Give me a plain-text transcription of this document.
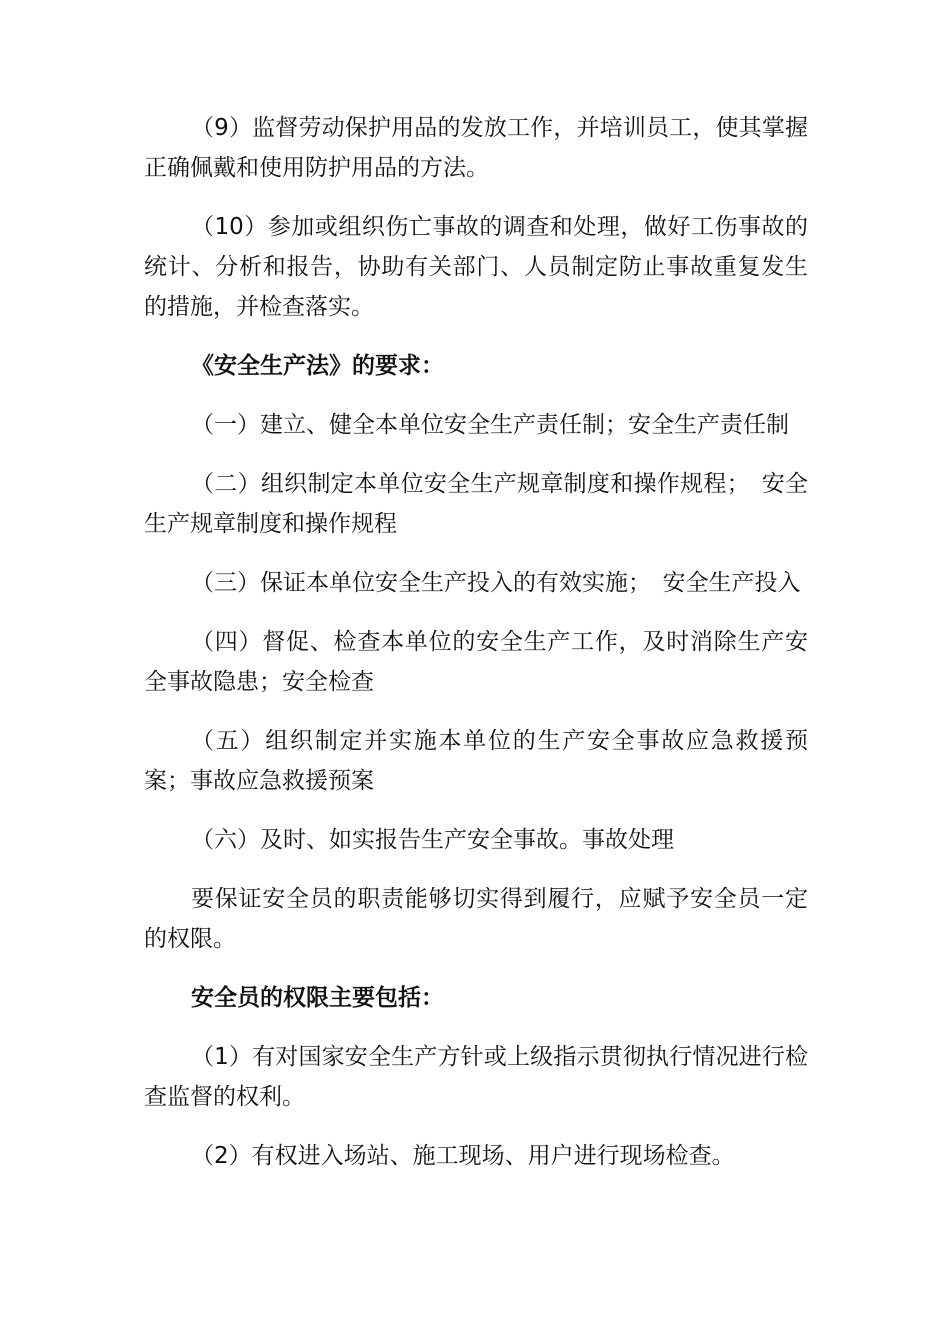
（9）监督劳动保护用品的发放工作，并培训员工，使其掌握正确佩戴和使用防护用品的方法。

（10）参加或组织伤亡事故的调查和处理，做好工伤事故的统计、分析和报告，协助有关部门、人员制定防止事故重复发生的措施，并检查落实。

《安全生产法》的要求：

（一）建立、健全本单位安全生产责任制；安全生产责任制

（二）组织制定本单位安全生产规章制度和操作规程；　安全生产规章制度和操作规程

（三）保证本单位安全生产投入的有效实施；　安全生产投入

（四）督促、检查本单位的安全生产工作，及时消除生产安全事故隐患；安全检查

（五）组织制定并实施本单位的生产安全事故应急救援预案；事故应急救援预案

（六）及时、如实报告生产安全事故。事故处理

要保证安全员的职责能够切实得到履行，应赋予安全员一定的权限。

安全员的权限主要包括：

（1）有对国家安全生产方针或上级指示贯彻执行情况进行检查监督的权利。

（2）有权进入场站、施工现场、用户进行现场检查。
